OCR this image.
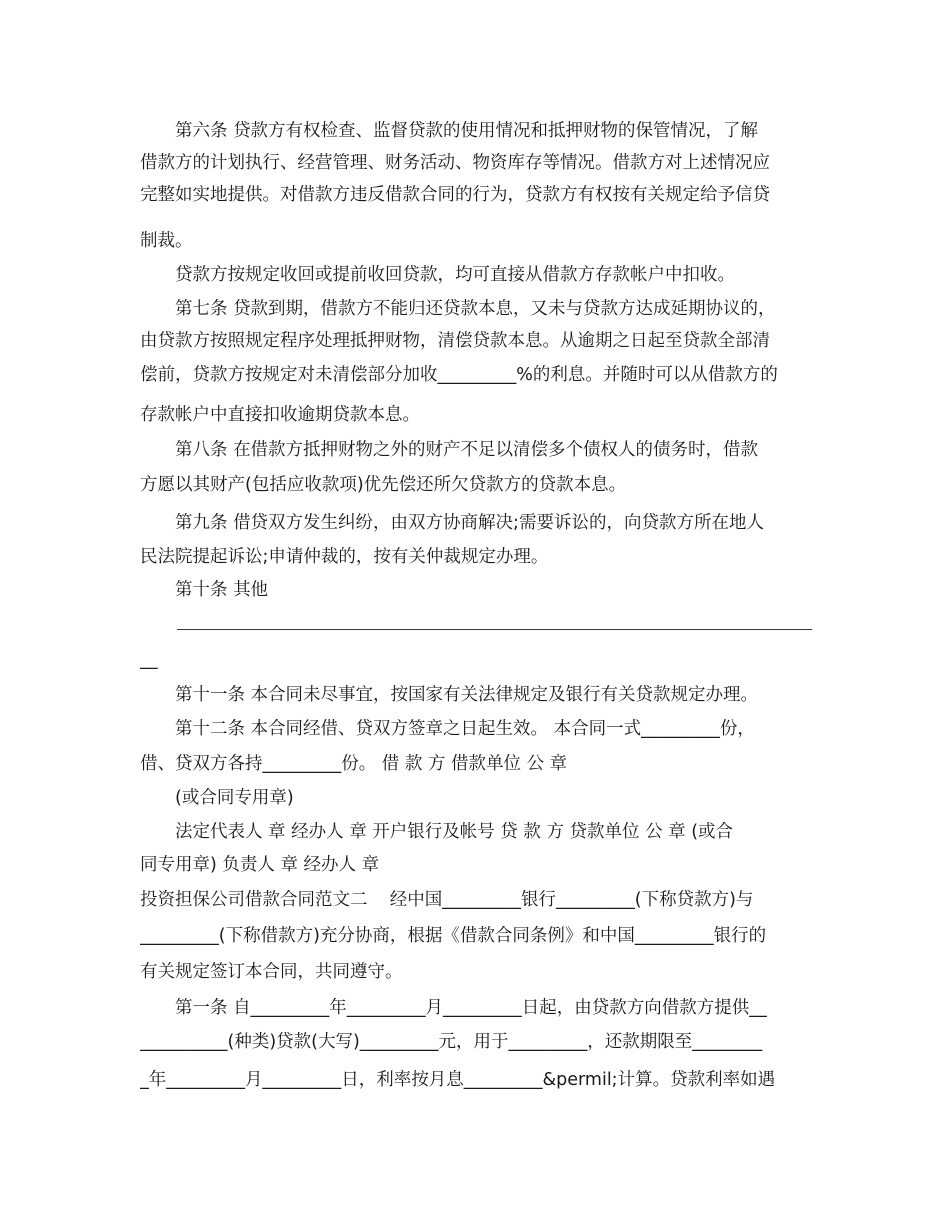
第六条 贷款方有权检查、监督贷款的使用情况和抵押财物的保管情况，了解
借款方的计划执行、经营管理、财务活动、物资库存等情况。借款方对上述情况应
完整如实地提供。对借款方违反借款合同的行为，贷款方有权按有关规定给予信贷
制裁。
贷款方按规定收回或提前收回贷款，均可直接从借款方存款帐户中扣收。
第七条 贷款到期，借款方不能归还贷款本息，又未与贷款方达成延期协议的，
由贷款方按照规定程序处理抵押财物，清偿贷款本息。从逾期之日起至贷款全部清
偿前，贷款方按规定对未清偿部分加收_________%的利息。并随时可以从借款方的
存款帐户中直接扣收逾期贷款本息。
第八条 在借款方抵押财物之外的财产不足以清偿多个债权人的债务时，借款
方愿以其财产(包括应收款项)优先偿还所欠贷款方的贷款本息。
第九条 借贷双方发生纠纷，由双方协商解决;需要诉讼的，向贷款方所在地人
民法院提起诉讼;申请仲裁的，按有关仲裁规定办理。
第十条 其他
__
第十一条 本合同未尽事宜，按国家有关法律规定及银行有关贷款规定办理。
第十二条 本合同经借、贷双方签章之日起生效。 本合同一式_________份，
借、贷双方各持_________份。 借 款 方 借款单位 公 章
(或合同专用章)
法定代表人 章 经办人 章 开户银行及帐号 贷 款 方 贷款单位 公 章 (或合
同专用章) 负责人 章 经办人 章
投资担保公司借款合同范文二    经中国_________银行_________(下称贷款方)与
_________(下称借款方)充分协商，根据《借款合同条例》和中国_________银行的
有关规定签订本合同，共同遵守。
第一条 自_________年_________月_________日起，由贷款方向借款方提供__
__________(种类)贷款(大写)_________元，用于_________，还款期限至________
_年_________月_________日，利率按月息_________&permil;计算。贷款利率如遇
